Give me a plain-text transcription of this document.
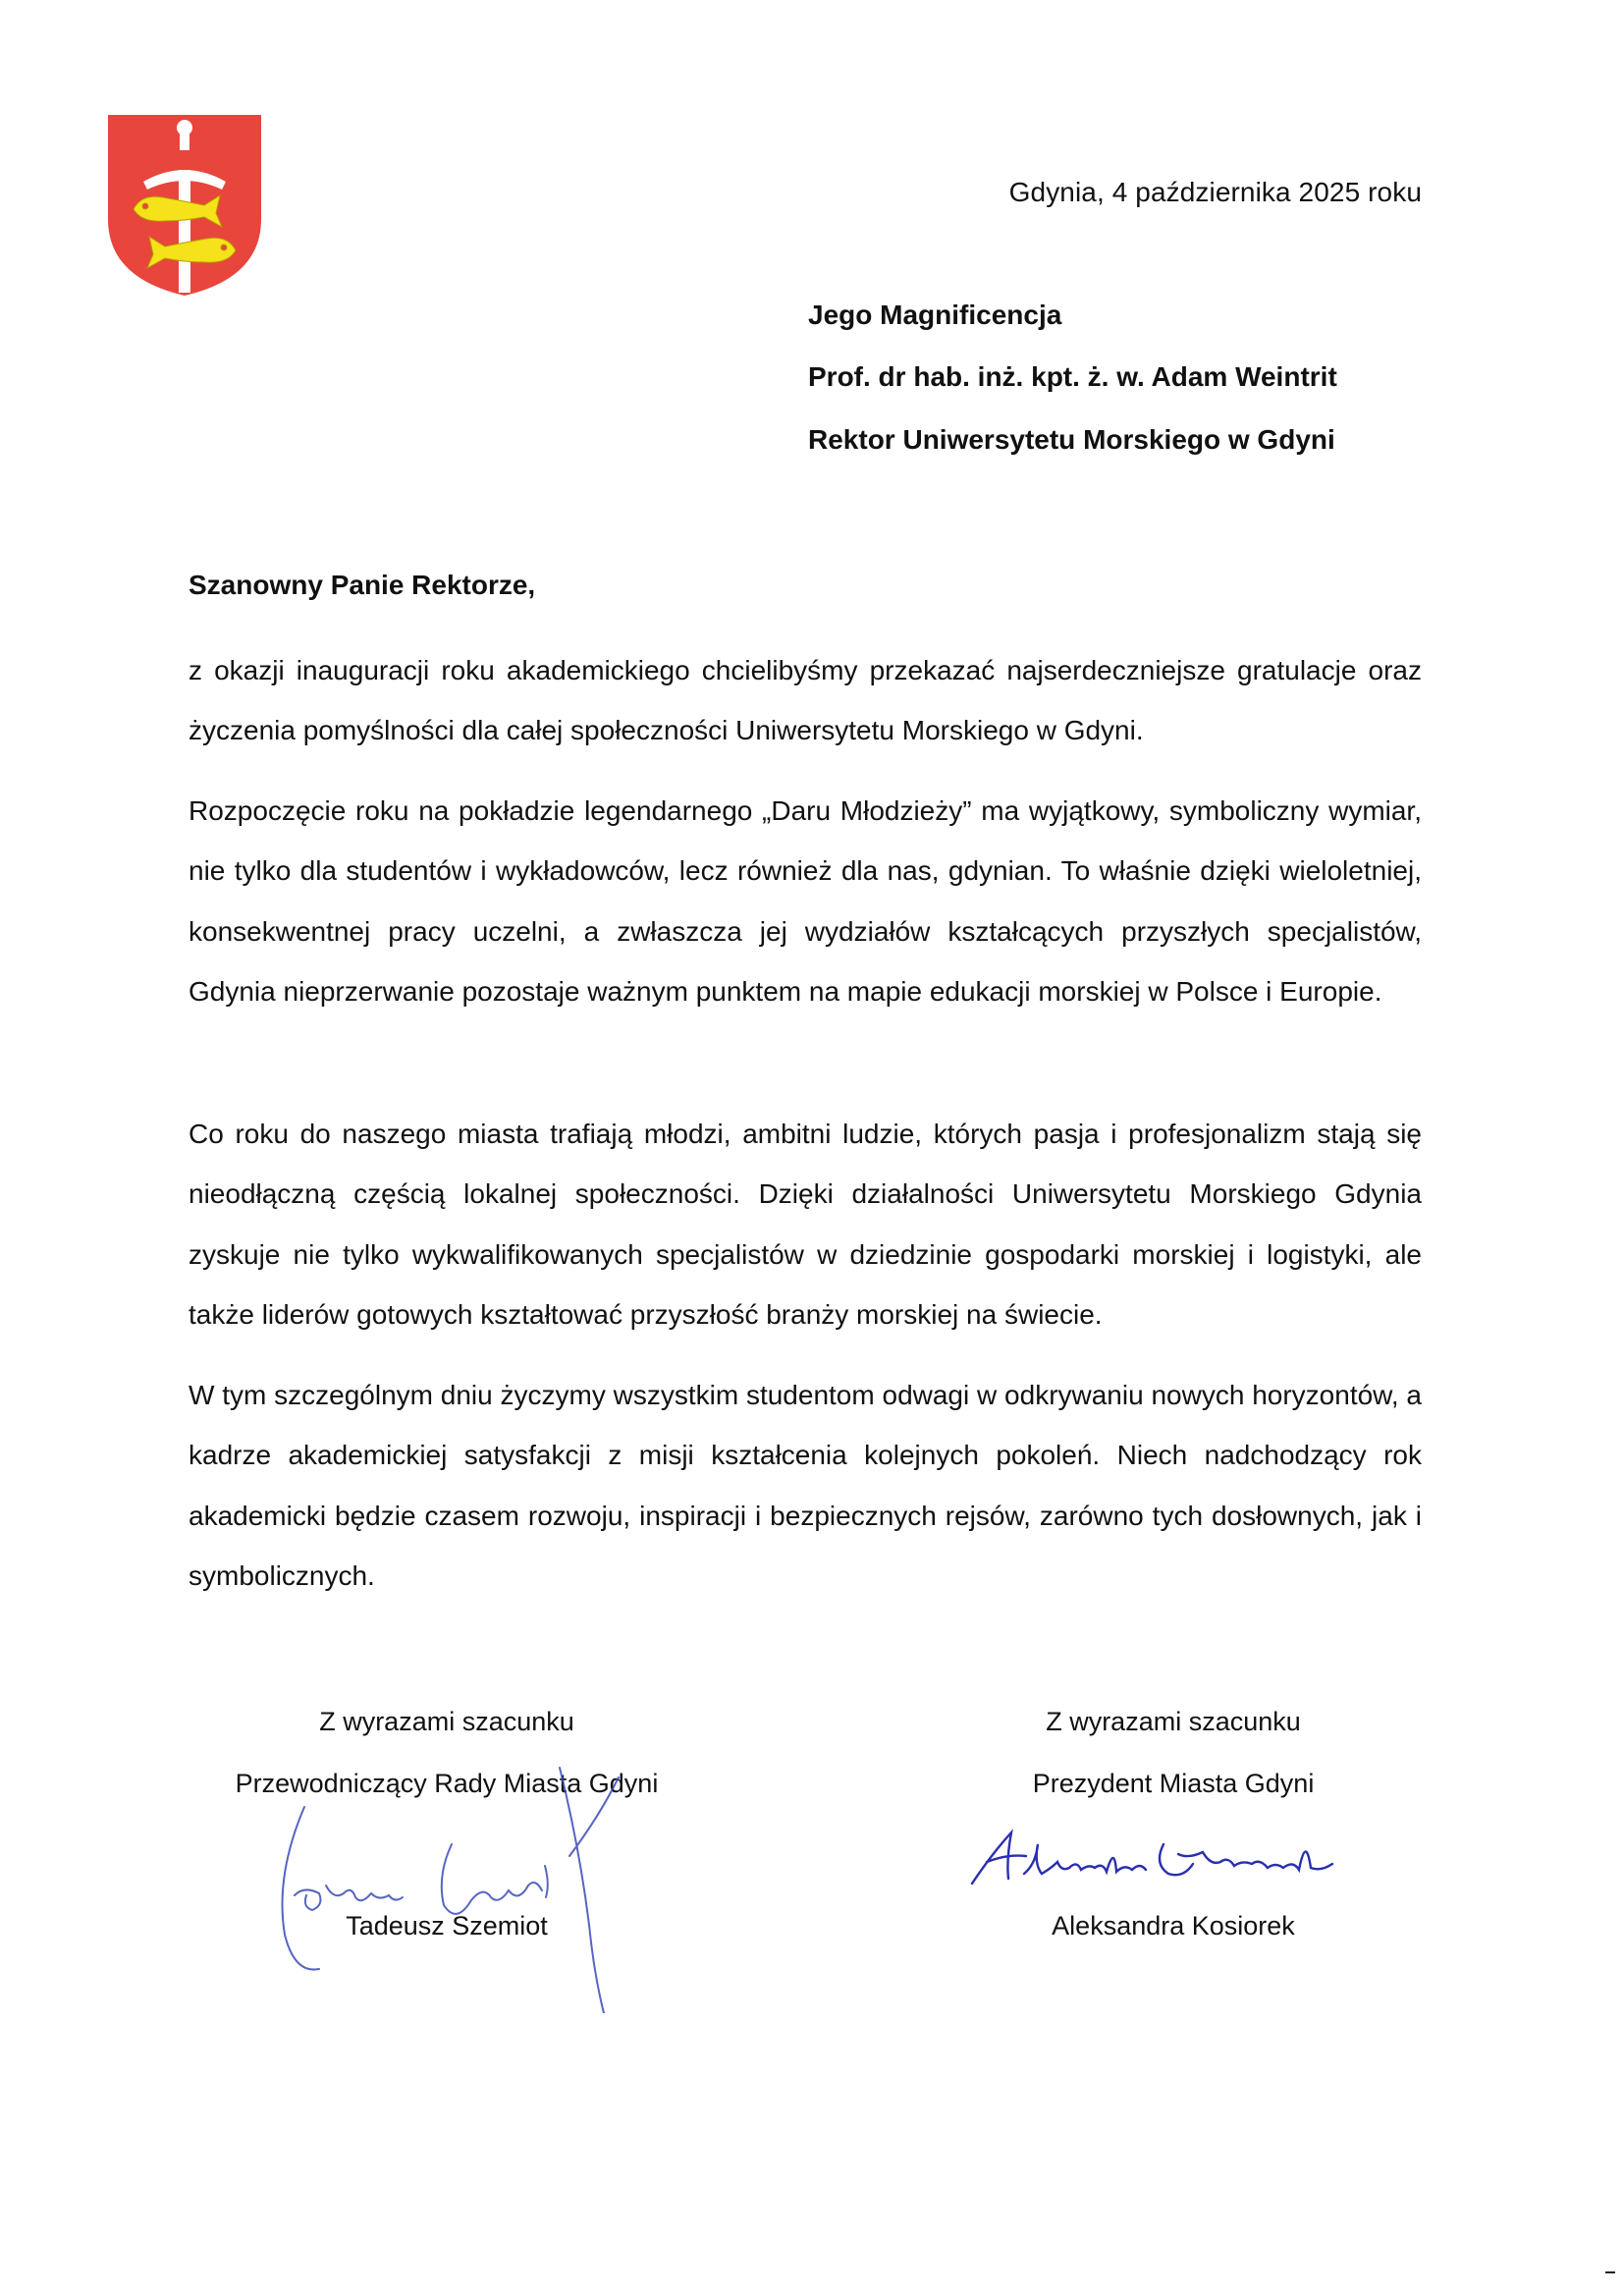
Gdynia, 4 października 2025 roku
Jego Magnificencja
Prof. dr hab. inż. kpt. ż. w. Adam Weintrit
Rektor Uniwersytetu Morskiego w Gdyni
Szanowny Panie Rektorze,
z okazji inauguracji roku akademickiego chcielibyśmy przekazać najserdeczniejsze gratulacje oraz życzenia pomyślności dla całej społeczności Uniwersytetu Morskiego w Gdyni.
Rozpoczęcie roku na pokładzie legendarnego „Daru Młodzieży” ma wyjątkowy, symboliczny wymiar, nie tylko dla studentów i wykładowców, lecz również dla nas, gdynian. To właśnie dzięki wieloletniej, konsekwentnej pracy uczelni, a zwłaszcza jej wydziałów kształcących przyszłych specjalistów, Gdynia nieprzerwanie pozostaje ważnym punktem na mapie edukacji morskiej w Polsce i Europie.
Co roku do naszego miasta trafiają młodzi, ambitni ludzie, których pasja i profesjonalizm stają się nieodłączną częścią lokalnej społeczności. Dzięki działalności Uniwersytetu Morskiego Gdynia zyskuje nie tylko wykwalifikowanych specjalistów w dziedzinie gospodarki morskiej i logistyki, ale także liderów gotowych kształtować przyszłość branży morskiej na świecie.
W tym szczególnym dniu życzymy wszystkim studentom odwagi w odkrywaniu nowych horyzontów, a kadrze akademickiej satysfakcji z misji kształcenia kolejnych pokoleń. Niech nadchodzący rok akademicki będzie czasem rozwoju, inspiracji i bezpiecznych rejsów, zarówno tych dosłownych, jak i symbolicznych.
Z wyrazami szacunku
Przewodniczący Rady Miasta Gdyni
Tadeusz Szemiot
Z wyrazami szacunku
Prezydent Miasta Gdyni
Aleksandra Kosiorek
